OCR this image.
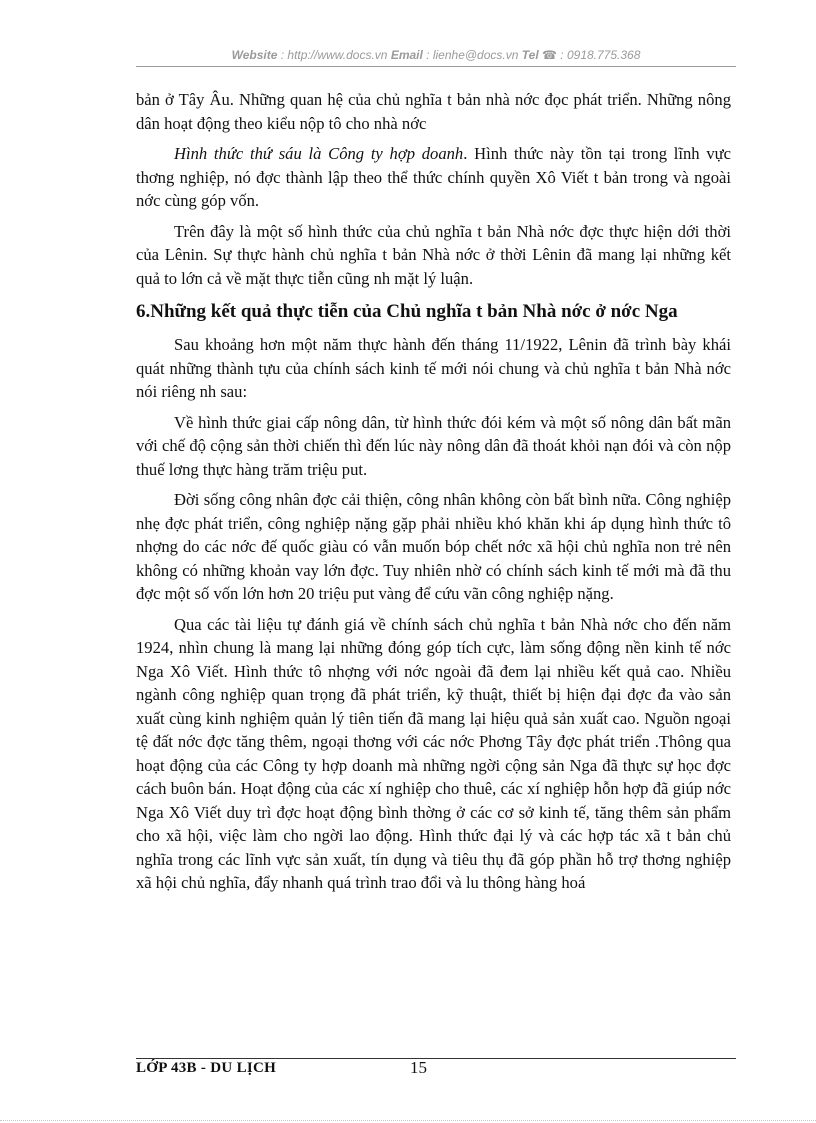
Website : http://www.docs.vn Email : lienhe@docs.vn Tel ☎ : 0918.775.368

bản ở Tây Âu. Những quan hệ của chủ nghĩa t bản nhà nớc đọc phát triển. Những nông dân hoạt động theo kiểu nộp tô cho nhà nớc

Hình thức thứ sáu là Công ty hợp doanh. Hình thức này tồn tại trong lĩnh vực thơng nghiệp, nó đợc thành lập theo thể thức chính quyền Xô Viết t bản trong và ngoài nớc cùng góp vốn.

Trên đây là một số hình thức của chủ nghĩa t bản Nhà nớc đợc thực hiện dới thời của Lênin. Sự thực hành chủ nghĩa t bản Nhà nớc ở thời Lênin đã mang lại những kết quả to lớn cả về mặt thực tiễn cũng nh mặt lý luận.

6.Những kết quả thực tiễn của Chủ nghĩa t bản Nhà nớc ở nớc Nga

Sau khoảng hơn một năm thực hành đến tháng 11/1922, Lênin đã trình bày khái quát những thành tựu của chính sách kinh tế mới nói chung và chủ nghĩa t bản Nhà nớc nói riêng nh sau:

Về hình thức giai cấp nông dân, từ hình thức đói kém và một số nông dân bất mãn với chế độ cộng sản thời chiến thì đến lúc này nông dân đã thoát khỏi nạn đói và còn nộp thuế lơng thực hàng trăm triệu put.

Đời sống công nhân đợc cải thiện, công nhân không còn bất bình nữa. Công nghiệp nhẹ đợc phát triển, công nghiệp nặng gặp phải nhiều khó khăn khi áp dụng hình thức tô nhợng do các nớc đế quốc giàu có vẫn muốn bóp chết nớc xã hội chủ nghĩa non trẻ nên không có những khoản vay lớn đợc. Tuy nhiên nhờ có chính sách kinh tế mới mà đã thu đợc một số vốn lớn hơn 20 triệu put vàng để cứu vãn công nghiệp nặng.

Qua các tài liệu tự đánh giá về chính sách chủ nghĩa t bản Nhà nớc cho đến năm 1924, nhìn chung là mang lại những đóng góp tích cực, làm sống động nền kinh tế nớc Nga Xô Viết. Hình thức tô nhợng với nớc ngoài đã đem lại nhiều kết quả cao. Nhiều ngành công nghiệp quan trọng đã phát triển, kỹ thuật, thiết bị hiện đại đợc đa vào sản xuất cùng kinh nghiệm quản lý tiên tiến đã mang lại hiệu quả sản xuất cao. Nguồn ngoại tệ đất nớc đợc tăng thêm, ngoại thơng với các nớc Phơng Tây đợc phát triển .Thông qua hoạt động của các Công ty hợp doanh mà những ngời cộng sản Nga đã thực sự học đợc cách buôn bán. Hoạt động của các xí nghiệp cho thuê, các xí nghiệp hỗn hợp đã giúp nớc Nga Xô Viết duy trì đợc hoạt động bình thờng ở các cơ sở kinh tế, tăng thêm sản phẩm cho xã hội, việc làm cho ngời lao động. Hình thức đại lý và các hợp tác xã t bản chủ nghĩa trong các lĩnh vực sản xuất, tín dụng và tiêu thụ đã góp phần hỗ trợ thơng nghiệp xã hội chủ nghĩa, đẩy nhanh quá trình trao đổi và lu thông hàng hoá

LỚP 43B - DU LỊCH	15
